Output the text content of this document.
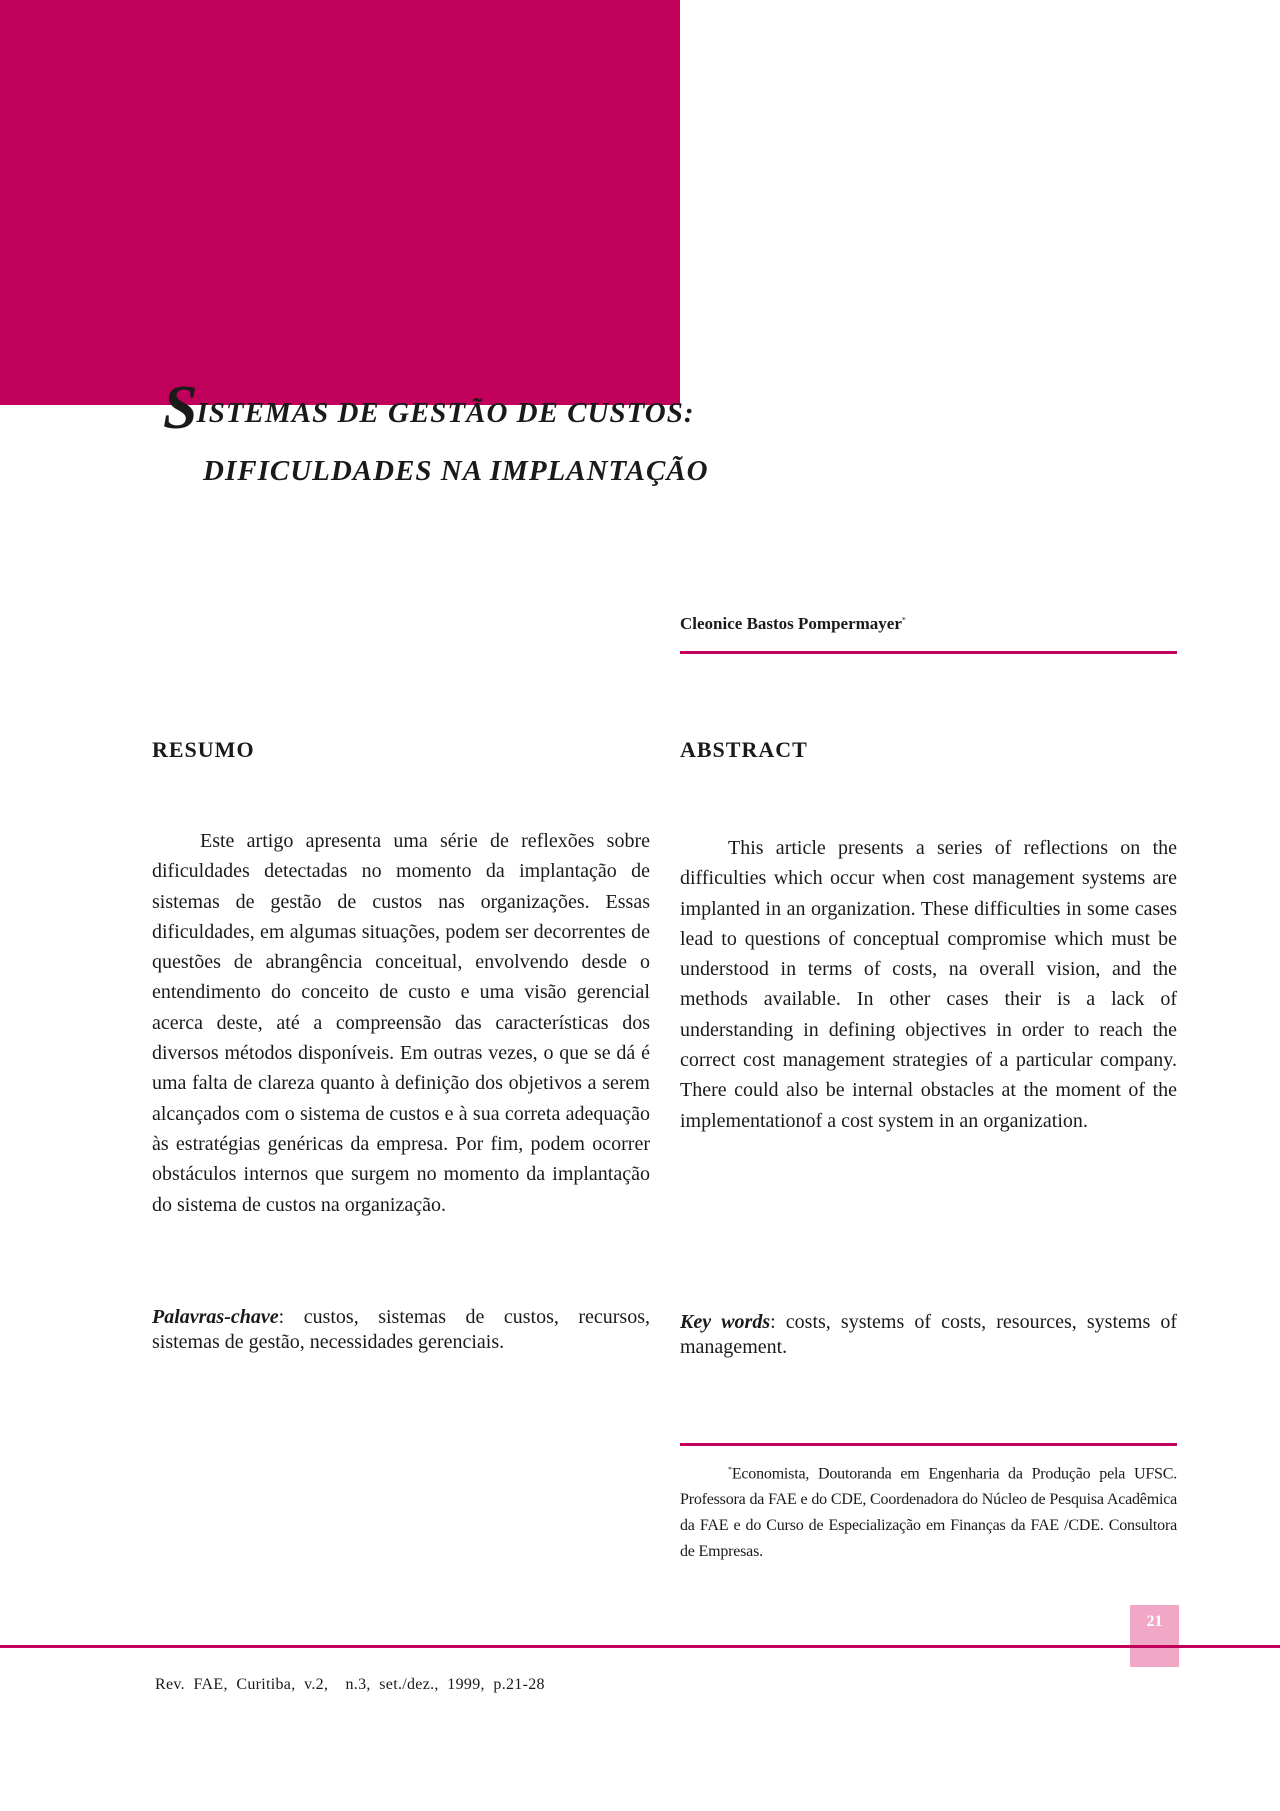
SISTEMAS DE GESTÃO DE CUSTOS:
DIFICULDADES NA IMPLANTAÇÃO
Cleonice Bastos Pompermayer*
RESUMO

Este artigo apresenta uma série de reflexões sobre dificuldades detectadas no momento da implantação de sistemas de gestão de custos nas organizações. Essas dificuldades, em algumas situações, podem ser decorrentes de questões de abrangência conceitual, envolvendo desde o entendimento do conceito de custo e uma visão gerencial acerca deste, até a compreensão das características dos diversos métodos disponíveis. Em outras vezes, o que se dá é uma falta de clareza quanto à definição dos objetivos a serem alcançados com o sistema de custos e à sua correta adequação às estratégias genéricas da empresa. Por fim, podem ocorrer obstáculos internos que surgem no momento da implantação do sistema de custos na organização.

Palavras-chave: custos, sistemas de custos, recursos, sistemas de gestão, necessidades gerenciais.

ABSTRACT

This article presents a series of reflections on the difficulties which occur when cost management systems are implanted in an organization. These difficulties in some cases lead to questions of conceptual compromise which must be understood in terms of costs, na overall vision, and the methods available. In other cases their is a lack of understanding in defining objectives in order to reach the correct cost management strategies of a particular company. There could also be internal obstacles at the moment of the implementationof a cost system in an organization.

Key words: costs, systems of costs, resources, systems of management.

*Economista, Doutoranda em Engenharia da Produção pela UFSC. Professora da FAE e do CDE, Coordenadora do Núcleo de Pesquisa Acadêmica da FAE e do Curso de Especialização em Finanças da FAE /CDE. Consultora de Empresas.

21
Rev.  FAE,  Curitiba,  v.2,    n.3,  set./dez.,  1999,  p.21-28
